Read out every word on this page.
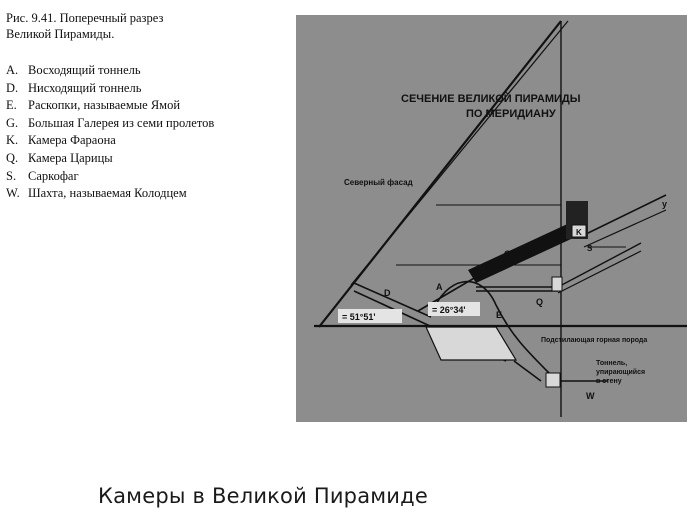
Рис. 9.41. Поперечный разрез
Великой Пирамиды.
A. Восходящий тоннель
D. Нисходящий тоннель
E. Раскопки, называемые Ямой
G. Большая Галерея из семи пролетов
K. Камера Фараона
Q. Камера Царицы
S. Саркофаг
W. Шахта, называемая Колодцем
СЕЧЕНИЕ ВЕЛИКОЙ ПИРАМИДЫ
ПО МЕРИДИАНУ
Северный фасад
Подстилающая горная порода
Тоннель,
упирающийся
в стену
= 51°51'
= 26°34'
D
A
G
K
S
Q
E
W
y
Камеры в Великой Пирамиде
